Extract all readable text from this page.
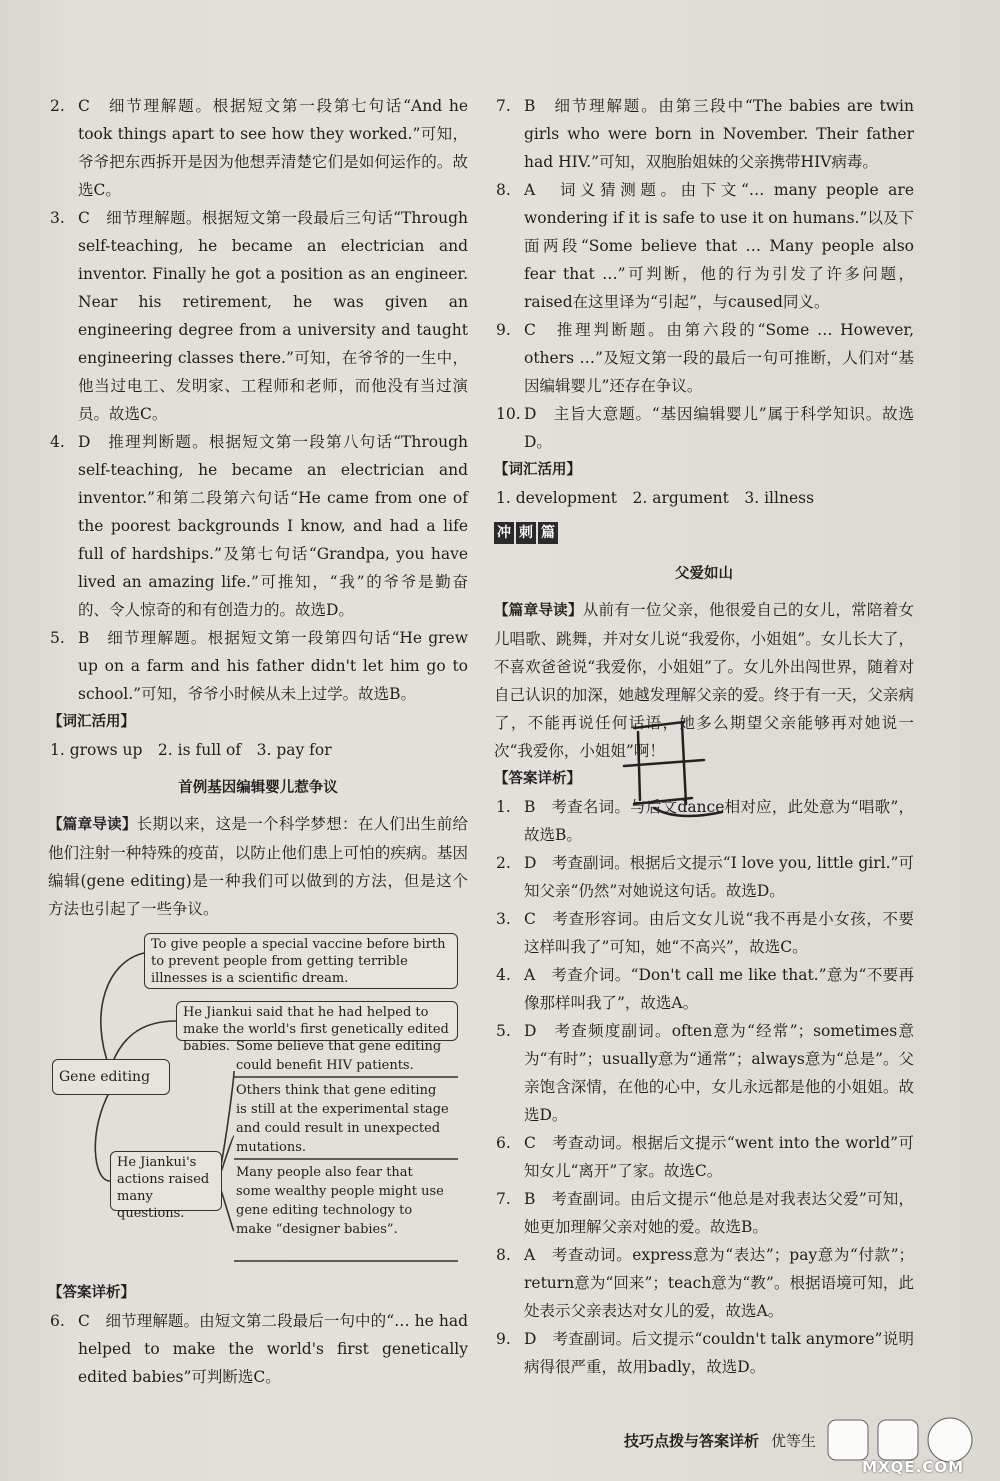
2. C　细节理解题。根据短文第一段第七句话“And he took things apart to see how they worked.”可知，爷爷把东西拆开是因为他想弄清楚它们是如何运作的。故选C。
3. C　细节理解题。根据短文第一段最后三句话“Through self-teaching, he became an electrician and inventor. Finally he got a position as an engineer. Near his retirement, he was given an engineering degree from a university and taught engineering classes there.”可知，在爷爷的一生中，他当过电工、发明家、工程师和老师，而他没有当过演员。故选C。
4. D　推理判断题。根据短文第一段第八句话“Through self-teaching, he became an electrician and inventor.”和第二段第六句话“He came from one of the poorest backgrounds I know, and had a life full of hardships.”及第七句话“Grandpa, you have lived an amazing life.”可推知，“我”的爷爷是勤奋的、令人惊奇的和有创造力的。故选D。
5. B　细节理解题。根据短文第一段第四句话“He grew up on a farm and his father didn't let him go to school.”可知，爷爷小时候从未上过学。故选B。
【词汇活用】
1. grows up　2. is full of　3. pay for
首例基因编辑婴儿惹争议
【篇章导读】长期以来，这是一个科学梦想：在人们出生前给他们注射一种特殊的疫苗，以防止他们患上可怕的疾病。基因编辑(gene editing)是一种我们可以做到的方法，但是这个方法也引起了一些争议。
To give people a special vaccine before birth to prevent people from getting terrible illnesses is a scientific dream.
He Jiankui said that he had helped to make the world's first genetically edited babies.
Gene editing
He Jiankui's actions raised many questions.
Some believe that gene editing could benefit HIV patients.
Others think that gene editing is still at the experimental stage and could result in unexpected mutations.
Many people also fear that some wealthy people might use gene editing technology to make “designer babies”.
【答案详析】
6. C　细节理解题。由短文第二段最后一句中的“… he had helped to make the world's first genetically edited babies”可判断选C。
7. B　细节理解题。由第三段中“The babies are twin girls who were born in November. Their father had HIV.”可知，双胞胎姐妹的父亲携带HIV病毒。
8. A　词义猜测题。由下文“… many people are wondering if it is safe to use it on humans.”以及下面两段“Some believe that … Many people also fear that …”可判断，他的行为引发了许多问题，raised在这里译为“引起”，与caused同义。
9. C　推理判断题。由第六段的“Some … However, others …”及短文第一段的最后一句可推断，人们对“基因编辑婴儿”还存在争议。
10. D　主旨大意题。“基因编辑婴儿”属于科学知识。故选D。
【词汇活用】
1. development　2. argument　3. illness
冲 刺 篇
父爱如山
【篇章导读】从前有一位父亲，他很爱自己的女儿，常陪着女儿唱歌、跳舞，并对女儿说“我爱你，小姐姐”。女儿长大了，不喜欢爸爸说“我爱你，小姐姐”了。女儿外出闯世界，随着对自己认识的加深，她越发理解父亲的爱。终于有一天，父亲病了，不能再说任何话语，她多么期望父亲能够再对她说一次“我爱你，小姐姐”啊！
【答案详析】
1. B　考查名词。与后文dance相对应，此处意为“唱歌”，故选B。
2. D　考查副词。根据后文提示“I love you, little girl.”可知父亲“仍然”对她说这句话。故选D。
3. C　考查形容词。由后文女儿说“我不再是小女孩，不要这样叫我了”可知，她“不高兴”，故选C。
4. A　考查介词。“Don't call me like that.”意为“不要再像那样叫我了”，故选A。
5. D　考查频度副词。often意为“经常”；sometimes意为“有时”；usually意为“通常”；always意为“总是”。父亲饱含深情，在他的心中，女儿永远都是他的小姐姐。故选D。
6. C　考查动词。根据后文提示“went into the world”可知女儿“离开”了家。故选C。
7. B　考查副词。由后文提示“他总是对我表达父爱”可知，她更加理解父亲对她的爱。故选B。
8. A　考查动词。express意为“表达”；pay意为“付款”；return意为“回来”；teach意为“教”。根据语境可知，此处表示父亲表达对女儿的爱，故选A。
9. D　考查副词。后文提示“couldn't talk anymore”说明病得很严重，故用badly，故选D。
技巧点拨与答案详析 优等生
MXQE.COM
